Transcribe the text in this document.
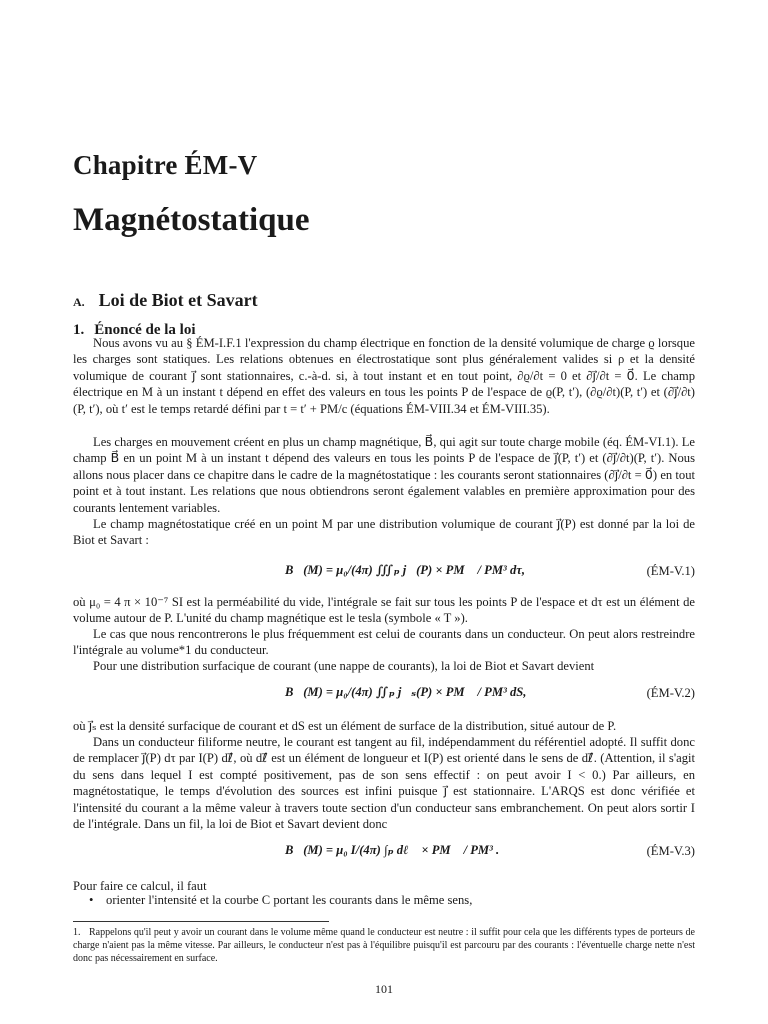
Chapitre ÉM-V
Magnétostatique
A. Loi de Biot et Savart
1. Énoncé de la loi

Nous avons vu au § ÉM-I.F.1 l'expression du champ électrique en fonction de la densité volumique de charge ϱ lorsque les charges sont statiques. Les relations obtenues en électrostatique sont plus généralement valides si ρ et la densité volumique de courant j⃗ sont stationnaires, c.-à-d. si, à tout instant et en tout point, ∂ϱ/∂t = 0 et ∂j⃗/∂t = 0⃗. Le champ électrique en M à un instant t dépend en effet des valeurs en tous les points P de l'espace de ϱ(P, t′), (∂ϱ/∂t)(P, t′) et (∂j⃗/∂t)(P, t′), où t′ est le temps retardé défini par t = t′ + PM/c (équations ÉM-VIII.34 et ÉM-VIII.35).

Les charges en mouvement créent en plus un champ magnétique, B⃗, qui agit sur toute charge mobile (éq. ÉM-VI.1). Le champ B⃗ en un point M à un instant t dépend des valeurs en tous les points P de l'espace de j⃗(P, t′) et (∂j⃗/∂t)(P, t′). Nous allons nous placer dans ce chapitre dans le cadre de la magnétostatique : les courants seront stationnaires (∂j⃗/∂t = 0⃗) en tout point et à tout instant. Les relations que nous obtiendrons seront également valables en première approximation pour des courants lentement variables.

Le champ magnétostatique créé en un point M par une distribution volumique de courant j⃗(P) est donné par la loi de Biot et Savart :

B⃗(M) = μ₀/(4π) ∭ₚ j⃗(P) × PM⃗ / PM³ dτ,	(ÉM-V.1)

où μ₀ = 4 π × 10⁻⁷ SI est la perméabilité du vide, l'intégrale se fait sur tous les points P de l'espace et dτ est un élément de volume autour de P. L'unité du champ magnétique est le tesla (symbole « T »).

Le cas que nous rencontrerons le plus fréquemment est celui de courants dans un conducteur. On peut alors restreindre l'intégrale au volume*1 du conducteur.

Pour une distribution surfacique de courant (une nappe de courants), la loi de Biot et Savart devient

B⃗(M) = μ₀/(4π) ∬ₚ j⃗ₛ(P) × PM⃗ / PM³ dS,	(ÉM-V.2)

où j⃗ₛ est la densité surfacique de courant et dS est un élément de surface de la distribution, situé autour de P.

Dans un conducteur filiforme neutre, le courant est tangent au fil, indépendamment du référentiel adopté. Il suffit donc de remplacer j⃗(P) dτ par I(P) dℓ⃗, où dℓ⃗ est un élément de longueur et I(P) est orienté dans le sens de dℓ⃗. (Attention, il s'agit du sens dans lequel I est compté positivement, pas de son sens effectif : on peut avoir I < 0.) Par ailleurs, en magnétostatique, le temps d'évolution des sources est infini puisque j⃗ est stationnaire. L'ARQS est donc vérifiée et l'intensité du courant a la même valeur à travers toute section d'un conducteur sans embranchement. On peut alors sortir I de l'intégrale. Dans un fil, la loi de Biot et Savart devient donc

B⃗(M) = μ₀ I/(4π) ∫ₚ dℓ⃗ × PM⃗ / PM³ .	(ÉM-V.3)

Pour faire ce calcul, il faut

•    orienter l'intensité et la courbe C portant les courants dans le même sens,
1. Rappelons qu'il peut y avoir un courant dans le volume même quand le conducteur est neutre : il suffit pour cela que les différents types de porteurs de charge n'aient pas la même vitesse. Par ailleurs, le conducteur n'est pas à l'équilibre puisqu'il est parcouru par des courants : l'éventuelle charge nette n'est donc pas nécessairement en surface.
101
